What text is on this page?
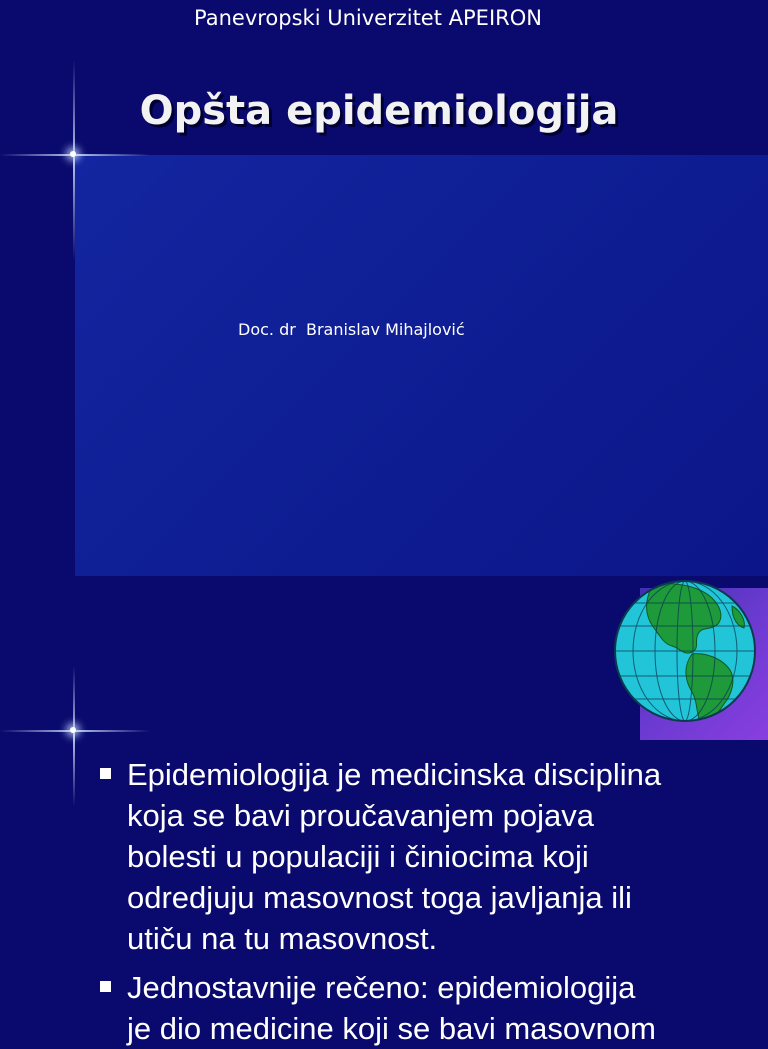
Panevropski Univerzitet APEIRON
Opšta epidemiologija
Doc. dr  Branislav Mihajlović
Epidemiologija je medicinska disciplina
koja se bavi proučavanjem pojava
bolesti u populaciji i činiocima koji
odredjuju masovnost toga javljanja ili
utiču na tu masovnost.
Jednostavnije rečeno: epidemiologija
je dio medicine koji se bavi masovnom
